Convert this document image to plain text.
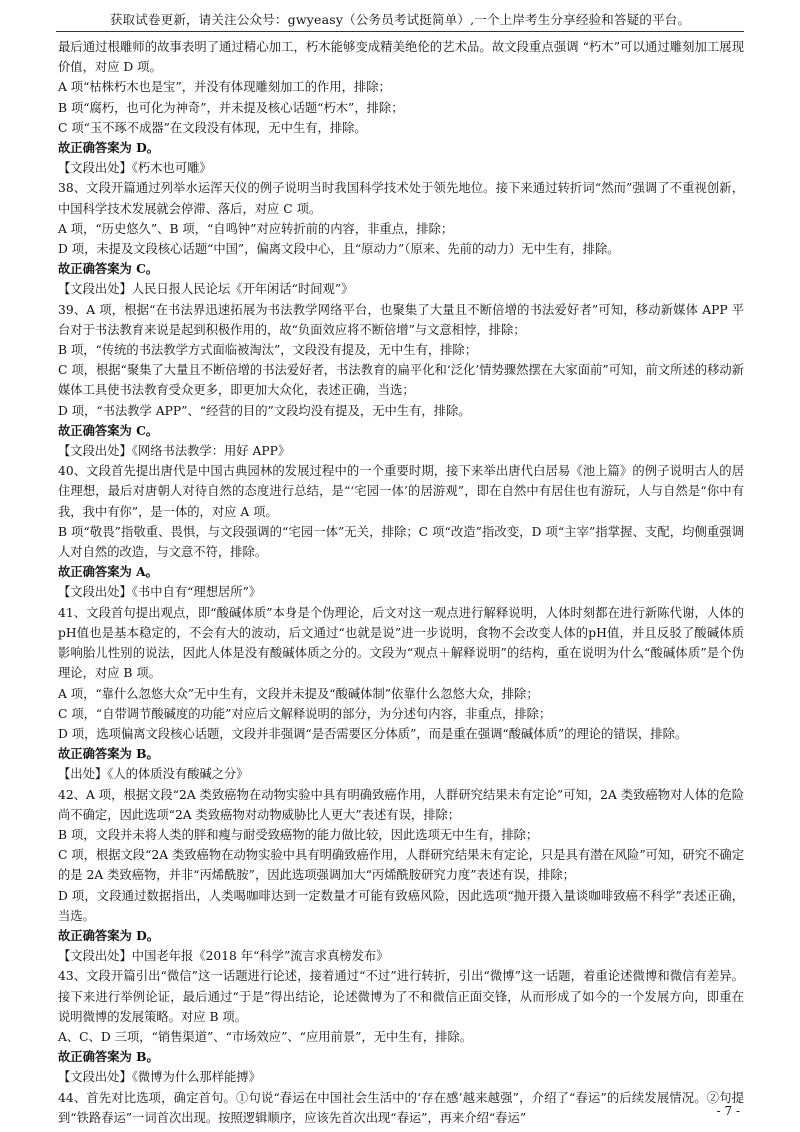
获取试卷更新，请关注公众号：gwyeasy（公务员考试挺简单）,一个上岸考生分享经验和答疑的平台。

最后通过根雕师的故事表明了通过精心加工，朽木能够变成精美绝伦的艺术品。故文段重点强调 “朽木”可以通过雕刻加工展现价值，对应 D 项。

A 项“枯株朽木也是宝”，并没有体现雕刻加工的作用，排除；

B 项“腐朽，也可化为神奇”，并未提及核心话题“朽木”，排除；

C 项“玉不琢不成器”在文段没有体现，无中生有，排除。

故正确答案为 D。

【文段出处】《朽木也可雕》

38、文段开篇通过列举水运浑天仪的例子说明当时我国科学技术处于领先地位。接下来通过转折词“然而”强调了不重视创新，中国科学技术发展就会停滞、落后，对应 C 项。

A 项，“历史悠久”、B 项，“自鸣钟”对应转折前的内容，非重点，排除；

D 项，未提及文段核心话题“中国”，偏离文段中心，且“原动力”（原来、先前的动力）无中生有，排除。

故正确答案为 C。

【文段出处】人民日报人民论坛《开年闲话“时间观”》

39、A 项，根据“在书法界迅速拓展为书法教学网络平台，也聚集了大量且不断倍增的书法爱好者”可知，移动新媒体 APP 平台对于书法教育来说是起到积极作用的，故“负面效应将不断倍增”与文意相悖，排除；

B 项，“传统的书法教学方式面临被淘汰”，文段没有提及，无中生有，排除；

C 项，根据“聚集了大量且不断倍增的书法爱好者，书法教育的扁平化和‘泛化’情势骤然摆在大家面前”可知，前文所述的移动新媒体工具使书法教育受众更多，即更加大众化，表述正确，当选；

D 项，“书法教学 APP”、“经营的目的”文段均没有提及，无中生有，排除。

故正确答案为 C。

【文段出处】《网络书法教学：用好 APP》

40、文段首先提出唐代是中国古典园林的发展过程中的一个重要时期，接下来举出唐代白居易《池上篇》的例子说明古人的居住理想，最后对唐朝人对待自然的态度进行总结，是“‘宅园一体’的居游观”，即在自然中有居住也有游玩，人与自然是“你中有我，我中有你”，是一体的，对应 A 项。

B 项“敬畏”指敬重、畏惧，与文段强调的“宅园一体”无关，排除；C 项“改造”指改变，D 项“主宰”指掌握、支配，均侧重强调人对自然的改造，与文意不符，排除。

故正确答案为 A。

【文段出处】《书中自有“理想居所”》

41、文段首句提出观点，即“酸碱体质”本身是个伪理论，后文对这一观点进行解释说明，人体时刻都在进行新陈代谢，人体的pH值也是基本稳定的，不会有大的波动，后文通过“也就是说”进一步说明，食物不会改变人体的pH值，并且反驳了酸碱体质影响胎儿性别的说法，因此人体是没有酸碱体质之分的。文段为“观点＋解释说明”的结构，重在说明为什么“酸碱体质”是个伪理论，对应 B 项。

A 项，“靠什么忽悠大众”无中生有，文段并未提及“酸碱体制”依靠什么忽悠大众，排除；

C 项，“自带调节酸碱度的功能”对应后文解释说明的部分，为分述句内容，非重点，排除；

D 项，选项偏离文段核心话题，文段并非强调“是否需要区分体质”，而是重在强调“酸碱体质”的理论的错误，排除。

故正确答案为 B。

【出处】《人的体质没有酸碱之分》

42、A 项，根据文段“2A 类致癌物在动物实验中具有明确致癌作用，人群研究结果未有定论”可知，2A 类致癌物对人体的危险尚不确定，因此选项“2A 类致癌物对动物威胁比人更大”表述有误，排除；

B 项，文段并未将人类的胖和瘦与耐受致癌物的能力做比较，因此选项无中生有，排除；

C 项，根据文段“2A 类致癌物在动物实验中具有明确致癌作用，人群研究结果未有定论，只是具有潜在风险”可知，研究不确定的是 2A 类致癌物，并非“丙烯酰胺”，因此选项强调加大“丙烯酰胺研究力度”表述有误，排除；

D 项，文段通过数据指出，人类喝咖啡达到一定数量才可能有致癌风险，因此选项“抛开摄入量谈咖啡致癌不科学”表述正确，当选。

故正确答案为 D。

【文段出处】中国老年报《2018 年“科学”流言求真榜发布》

43、文段开篇引出“微信”这一话题进行论述，接着通过“不过”进行转折，引出“微博”这一话题，着重论述微博和微信有差异。接下来进行举例论证，最后通过“于是”得出结论，论述微博为了不和微信正面交锋，从而形成了如今的一个发展方向，即重在说明微博的发展策略。对应 B 项。

A、C、D 三项，“销售渠道”、“市场效应”、“应用前景”，无中生有，排除。

故正确答案为 B。

【文段出处】《微博为什么那样能搏》

44、首先对比选项，确定首句。①句说“春运在中国社会生活中的‘存在感’越来越强”，介绍了“春运”的后续发展情况。②句提到“铁路春运”一词首次出现。按照逻辑顺序，应该先首次出现“春运”，再来介绍“春运”	- 7 -
